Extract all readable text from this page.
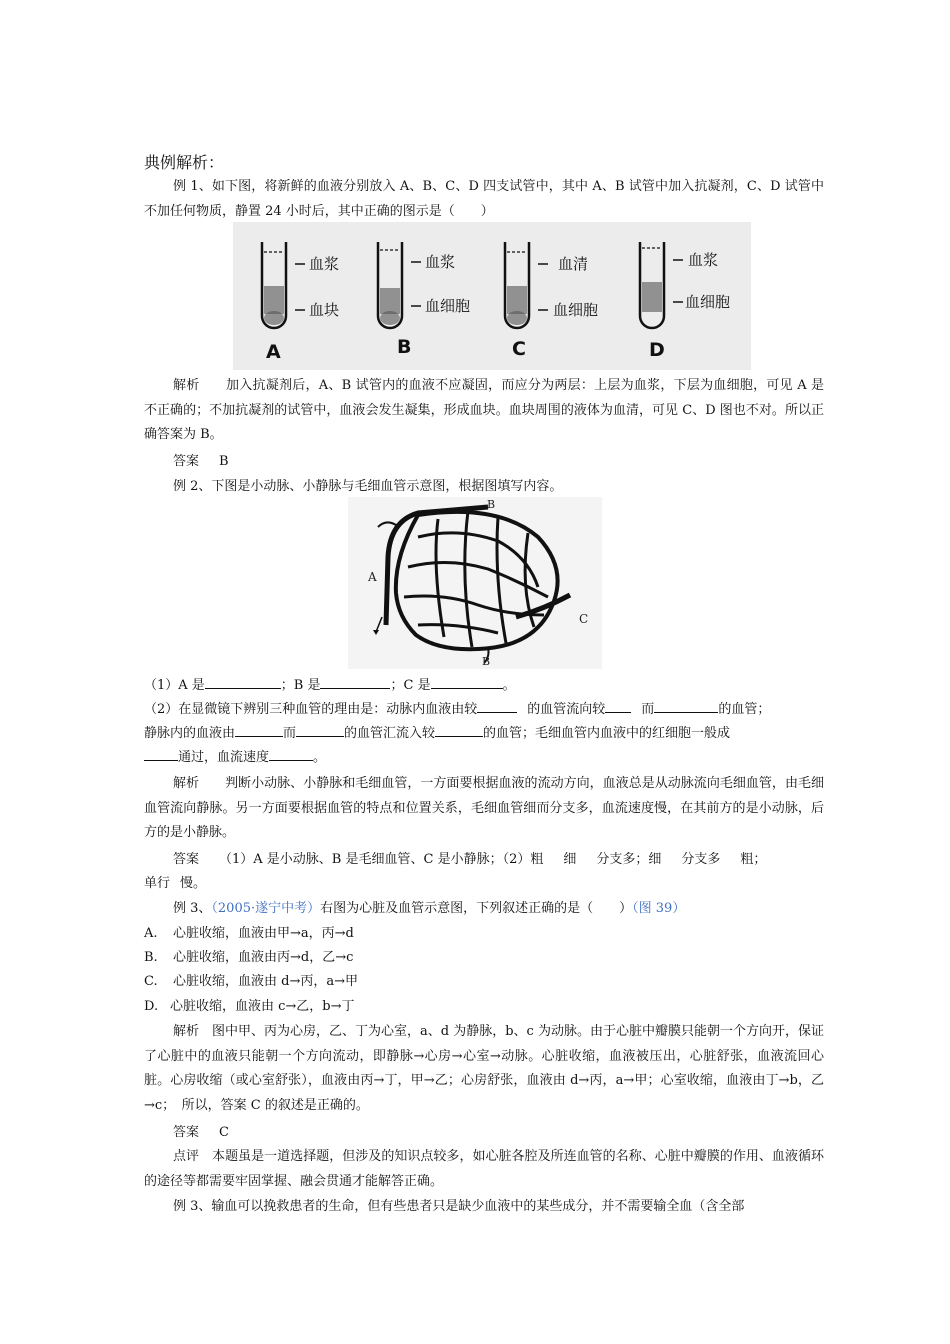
典例解析：
例 1、如下图，将新鲜的血液分别放入 A、B、C、D 四支试管中，其中 A、B 试管中加入抗凝剂，C、D 试管中不加任何物质，静置 24 小时后，其中正确的图示是（　　）
血浆
血块
A
血浆
血细胞
B
血清
血细胞
C
血浆
血细胞
D
解析　　加入抗凝剂后，A、B 试管内的血液不应凝固，而应分为两层：上层为血浆，下层为血细胞，可见 A 是不正确的；不加抗凝剂的试管中，血液会发生凝集，形成血块。血块周围的液体为血清，可见 C、D 图也不对。所以正确答案为 B。
答案 B
例 2、下图是小动脉、小静脉与毛细血管示意图，根据图填写内容。
B
A
C
B
（1）A 是	；B 是	；C 是	。
（2）在显微镜下辨别三种血管的理由是：动脉内血液由较	的血管流向较	而	的血管；
静脉内的血液由	而	的血管汇流入较	的血管；毛细血管内血液中的红细胞一般成
通过，血流速度	。
解析　　判断小动脉、小静脉和毛细血管，一方面要根据血液的流动方向，血液总是从动脉流向毛细血管，由毛细血管流向静脉。另一方面要根据血管的特点和位置关系，毛细血管细而分支多，血流速度慢，在其前方的是小动脉，后方的是小静脉。
答案 （1）A 是小动脉、B 是毛细血管、C 是小静脉；（2）粗 细 分支多；细 分支多 粗；
单行 慢。
例 3、（2005·遂宁中考）右图为心脏及血管示意图，下列叙述正确的是（　　）（图 39）
A. 心脏收缩，血液由甲→a，丙→d
B. 心脏收缩，血液由丙→d，乙→c
C. 心脏收缩，血液由 d→丙，a→甲
D. 心脏收缩，血液由 c→乙，b→丁
解析　图中甲、丙为心房，乙、丁为心室，a、d 为静脉，b、c 为动脉。由于心脏中瓣膜只能朝一个方向开，保证了心脏中的血液只能朝一个方向流动，即静脉→心房→心室→动脉。心脏收缩，血液被压出，心脏舒张，血液流回心脏。心房收缩（或心室舒张），血液由丙→丁，甲→乙；心房舒张，血液由 d→丙，a→甲；心室收缩，血液由丁→b，乙→c；　所以，答案 C 的叙述是正确的。
答案 C
点评　本题虽是一道选择题，但涉及的知识点较多，如心脏各腔及所连血管的名称、心脏中瓣膜的作用、血液循环的途径等都需要牢固掌握、融会贯通才能解答正确。
例 3、输血可以挽救患者的生命，但有些患者只是缺少血液中的某些成分，并不需要输全血（含全部
